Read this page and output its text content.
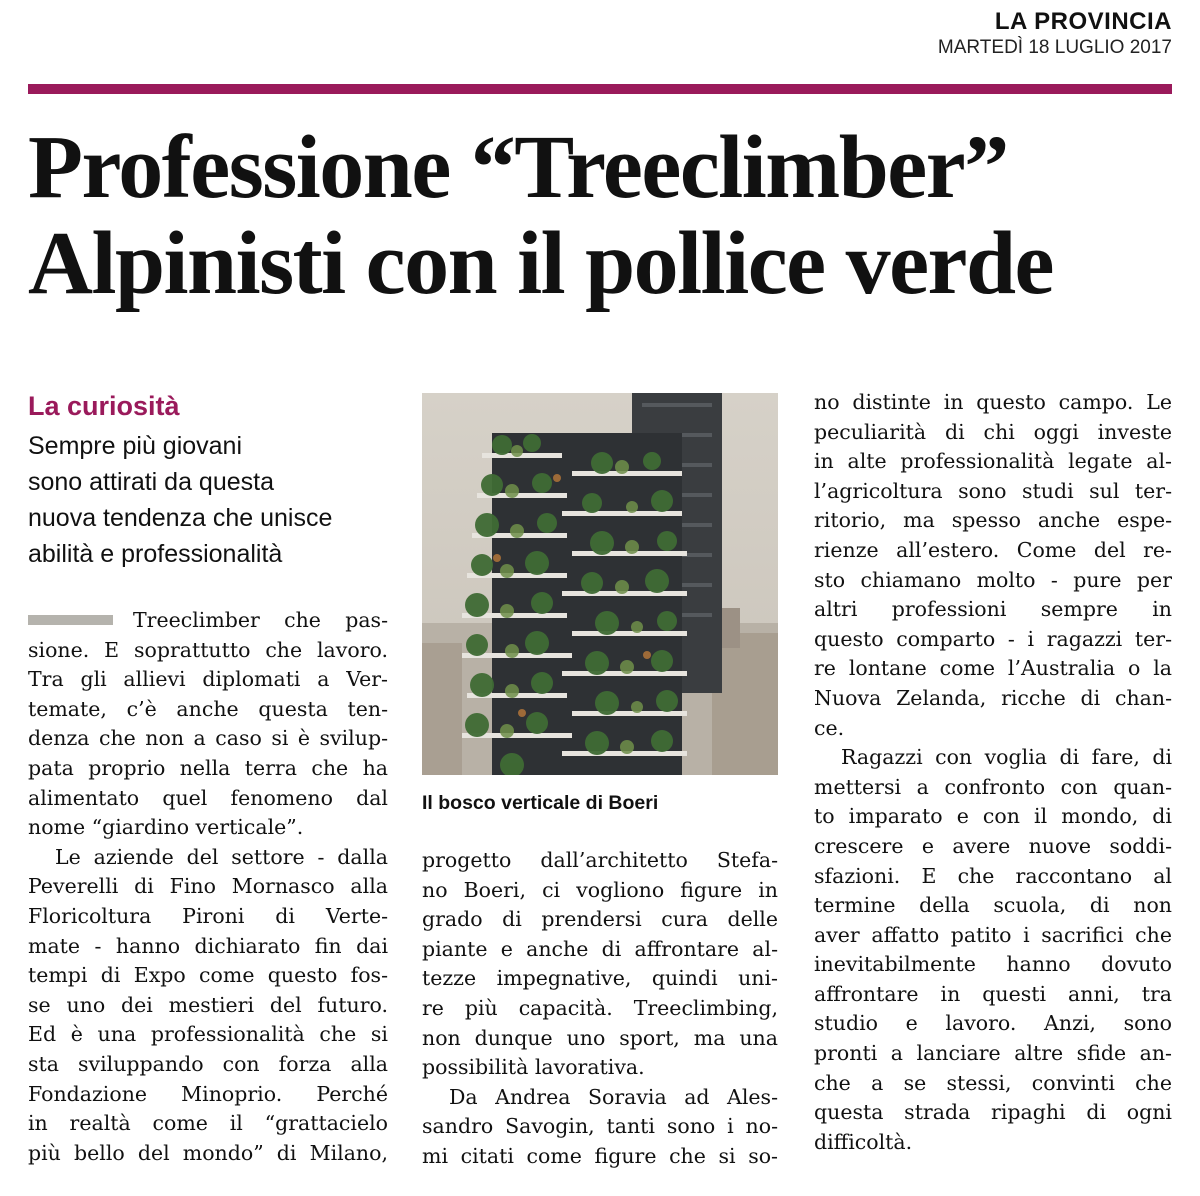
LA PROVINCIA
MARTEDÌ 18 LUGLIO 2017
Professione “Treeclimber”
Alpinisti con il pollice verde
La curiosità
Sempre più giovani
sono attirati da questa
nuova tendenza che unisce
abilità e professionalità
Treeclimber che pas-
sione. E soprattutto che lavoro.
Tra gli allievi diplomati a Ver-
temate, c’è anche questa ten-
denza che non a caso si è svilup-
pata proprio nella terra che ha
alimentato quel fenomeno dal
nome “giardino verticale”.
Le aziende del settore - dalla
Peverelli di Fino Mornasco alla
Floricoltura Pironi di Verte-
mate - hanno dichiarato fin dai
tempi di Expo come questo fos-
se uno dei mestieri del futuro.
Ed è una professionalità che si
sta sviluppando con forza alla
Fondazione Minoprio. Perché
in realtà come il “grattacielo
più bello del mondo” di Milano,
Il bosco verticale di Boeri
progetto dall’architetto Stefa-
no Boeri, ci vogliono figure in
grado di prendersi cura delle
piante e anche di affrontare al-
tezze impegnative, quindi uni-
re più capacità. Treeclimbing,
non dunque uno sport, ma una
possibilità lavorativa.
Da Andrea Soravia ad Ales-
sandro Savogin, tanti sono i no-
mi citati come figure che si so-
no distinte in questo campo. Le
peculiarità di chi oggi investe
in alte professionalità legate al-
l’agricoltura sono studi sul ter-
ritorio, ma spesso anche espe-
rienze all’estero. Come del re-
sto chiamano molto - pure per
altri professioni sempre in
questo comparto - i ragazzi ter-
re lontane come l’Australia o la
Nuova Zelanda, ricche di chan-
ce.
Ragazzi con voglia di fare, di
mettersi a confronto con quan-
to imparato e con il mondo, di
crescere e avere nuove soddi-
sfazioni. E che raccontano al
termine della scuola, di non
aver affatto patito i sacrifici che
inevitabilmente hanno dovuto
affrontare in questi anni, tra
studio e lavoro. Anzi, sono
pronti a lanciare altre sfide an-
che a se stessi, convinti che
questa strada ripaghi di ogni
difficoltà.
